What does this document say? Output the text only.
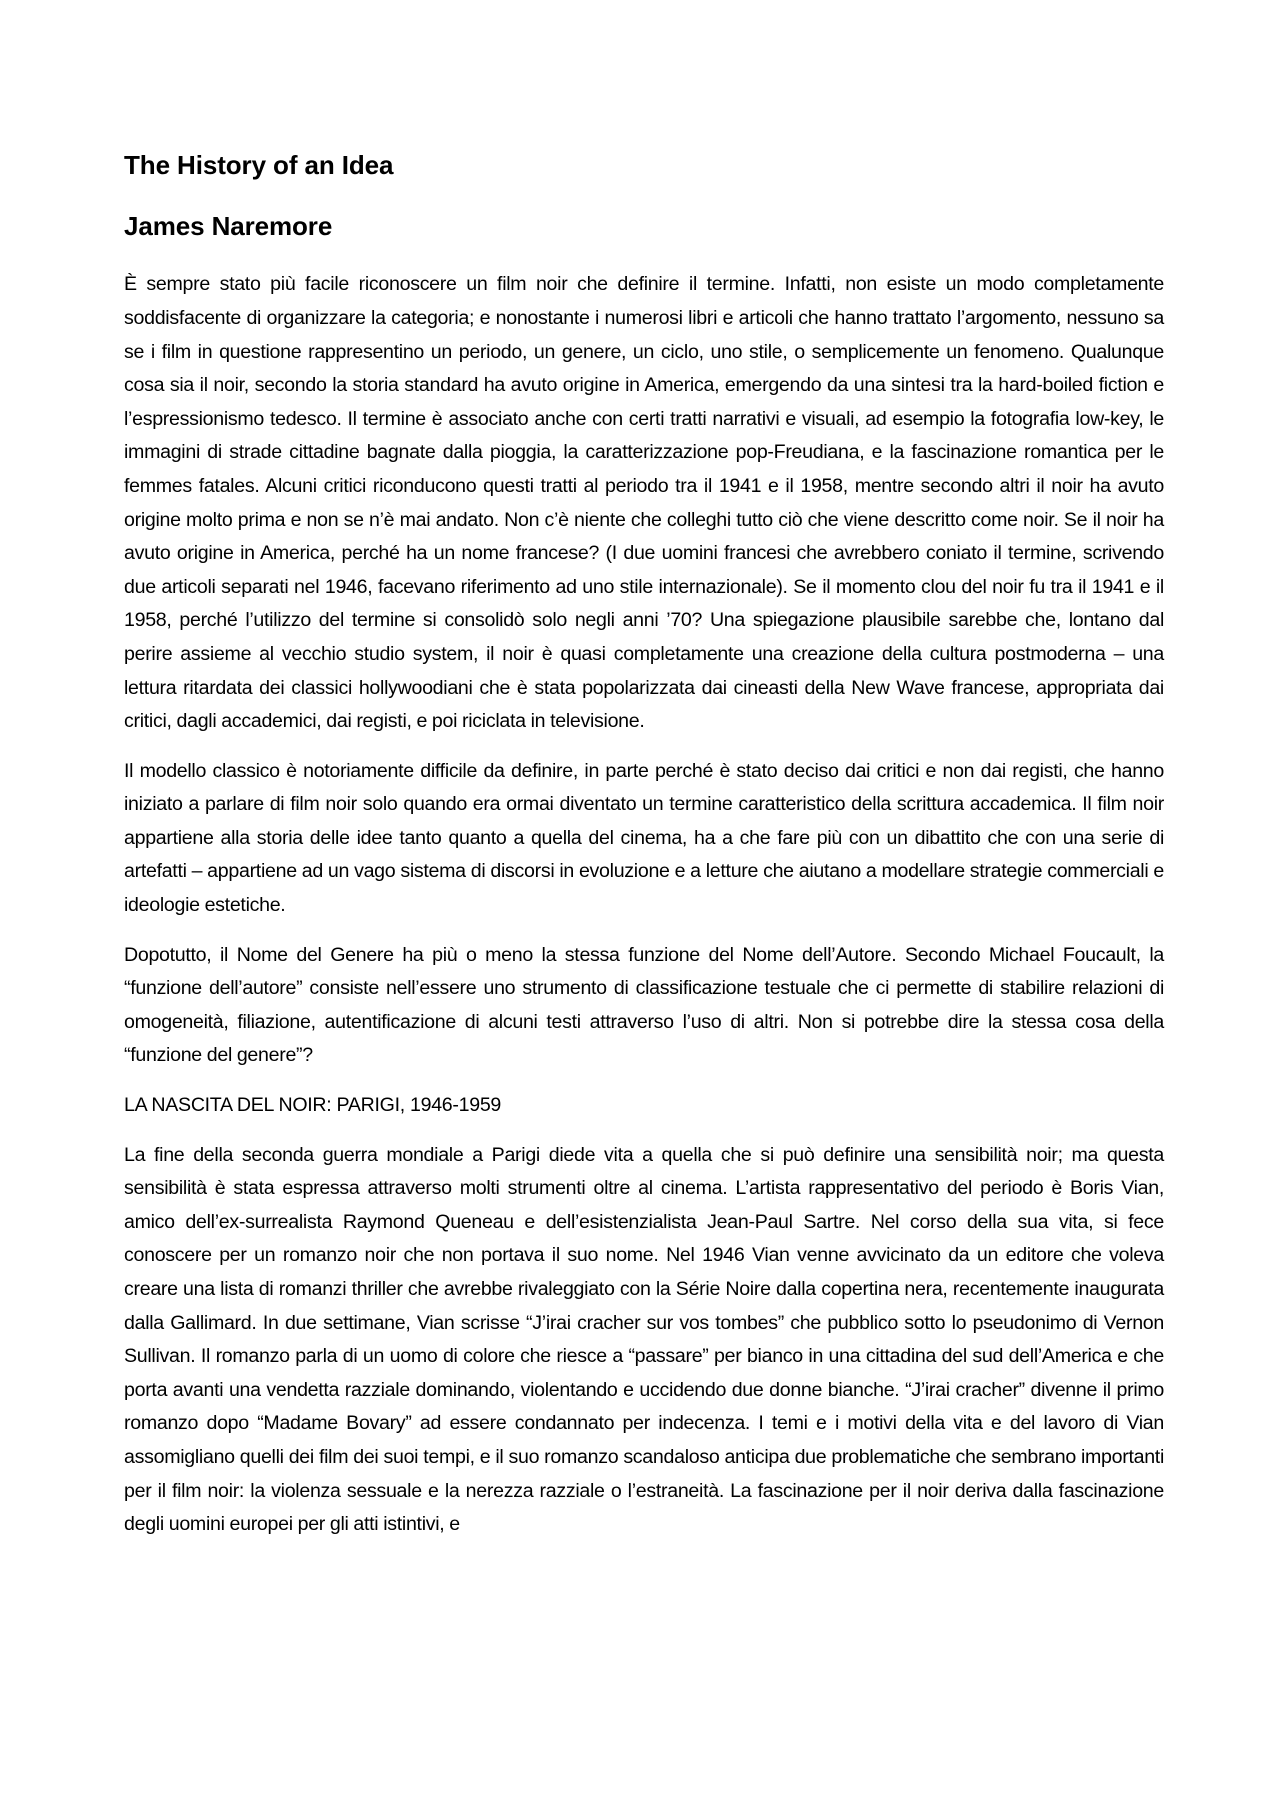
The History of an Idea
James Naremore

È sempre stato più facile riconoscere un film noir che definire il termine. Infatti, non esiste un modo completamente soddisfacente di organizzare la categoria; e nonostante i numerosi libri e articoli che hanno trattato l’argomento, nessuno sa se i film in questione rappresentino un periodo, un genere, un ciclo, uno stile, o semplicemente un fenomeno. Qualunque cosa sia il noir, secondo la storia standard ha avuto origine in America, emergendo da una sintesi tra la hard-boiled fiction e l’espressionismo tedesco. Il termine è associato anche con certi tratti narrativi e visuali, ad esempio la fotografia low-key, le immagini di strade cittadine bagnate dalla pioggia, la caratterizzazione pop-Freudiana, e la fascinazione romantica per le femmes fatales. Alcuni critici riconducono questi tratti al periodo tra il 1941 e il 1958, mentre secondo altri il noir ha avuto origine molto prima e non se n’è mai andato. Non c’è niente che colleghi tutto ciò che viene descritto come noir. Se il noir ha avuto origine in America, perché ha un nome francese? (I due uomini francesi che avrebbero coniato il termine, scrivendo due articoli separati nel 1946, facevano riferimento ad uno stile internazionale). Se il momento clou del noir fu tra il 1941 e il 1958, perché l’utilizzo del termine si consolidò solo negli anni ’70? Una spiegazione plausibile sarebbe che, lontano dal perire assieme al vecchio studio system, il noir è quasi completamente una creazione della cultura postmoderna – una lettura ritardata dei classici hollywoodiani che è stata popolarizzata dai cineasti della New Wave francese, appropriata dai critici, dagli accademici, dai registi, e poi riciclata in televisione.

Il modello classico è notoriamente difficile da definire, in parte perché è stato deciso dai critici e non dai registi, che hanno iniziato a parlare di film noir solo quando era ormai diventato un termine caratteristico della scrittura accademica. Il film noir appartiene alla storia delle idee tanto quanto a quella del cinema, ha a che fare più con un dibattito che con una serie di artefatti – appartiene ad un vago sistema di discorsi in evoluzione e a letture che aiutano a modellare strategie commerciali e ideologie estetiche.

Dopotutto, il Nome del Genere ha più o meno la stessa funzione del Nome dell’Autore. Secondo Michael Foucault, la “funzione dell’autore” consiste nell’essere uno strumento di classificazione testuale che ci permette di stabilire relazioni di omogeneità, filiazione, autentificazione di alcuni testi attraverso l’uso di altri. Non si potrebbe dire la stessa cosa della “funzione del genere”?

LA NASCITA DEL NOIR: PARIGI, 1946-1959

La fine della seconda guerra mondiale a Parigi diede vita a quella che si può definire una sensibilità noir; ma questa sensibilità è stata espressa attraverso molti strumenti oltre al cinema. L’artista rappresentativo del periodo è Boris Vian, amico dell’ex-surrealista Raymond Queneau e dell’esistenzialista Jean-Paul Sartre. Nel corso della sua vita, si fece conoscere per un romanzo noir che non portava il suo nome. Nel 1946 Vian venne avvicinato da un editore che voleva creare una lista di romanzi thriller che avrebbe rivaleggiato con la Série Noire dalla copertina nera, recentemente inaugurata dalla Gallimard. In due settimane, Vian scrisse “J’irai cracher sur vos tombes” che pubblico sotto lo pseudonimo di Vernon Sullivan. Il romanzo parla di un uomo di colore che riesce a “passare” per bianco in una cittadina del sud dell’America e che porta avanti una vendetta razziale dominando, violentando e uccidendo due donne bianche. “J’irai cracher” divenne il primo romanzo dopo “Madame Bovary” ad essere condannato per indecenza. I temi e i motivi della vita e del lavoro di Vian assomigliano quelli dei film dei suoi tempi, e il suo romanzo scandaloso anticipa due problematiche che sembrano importanti per il film noir: la violenza sessuale e la nerezza razziale o l’estraneità. La fascinazione per il noir deriva dalla fascinazione degli uomini europei per gli atti istintivi, e
